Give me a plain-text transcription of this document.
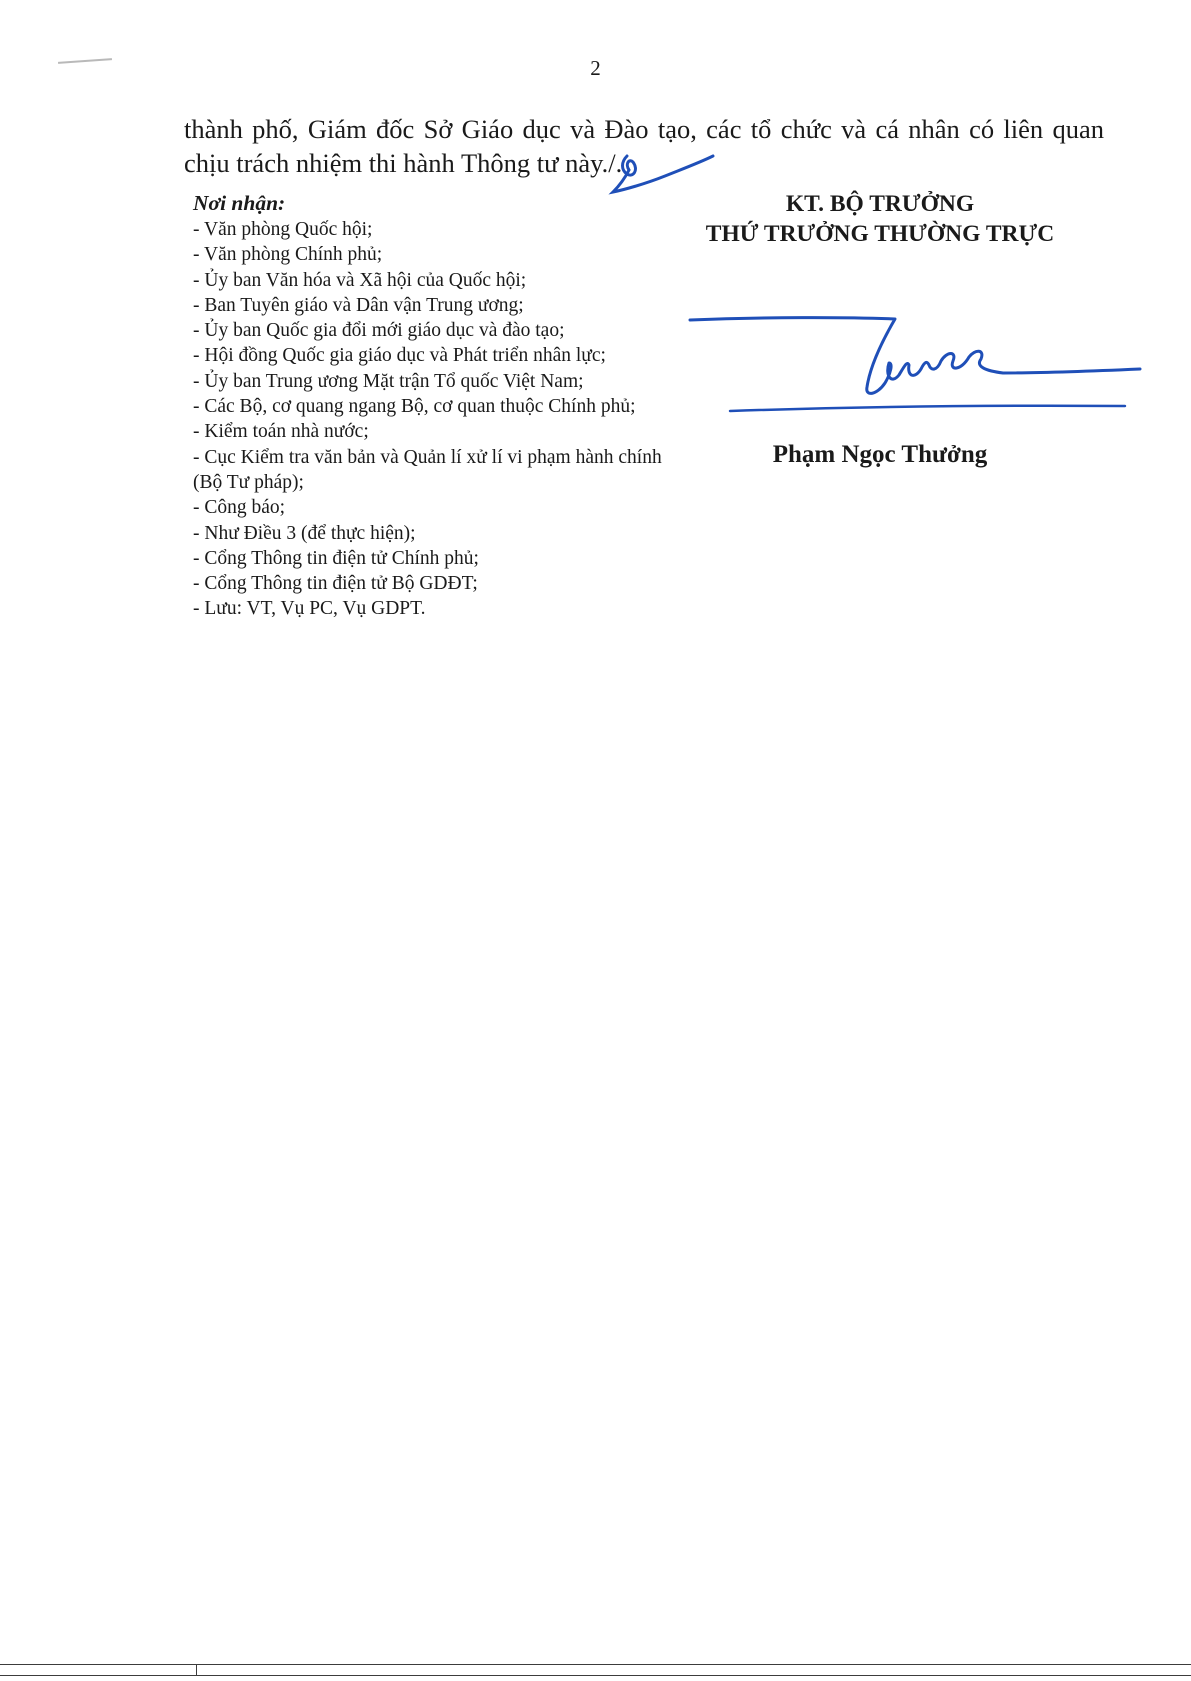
2
thành phố, Giám đốc Sở Giáo dục và Đào tạo, các tổ chức và cá nhân có liên quan chịu trách nhiệm thi hành Thông tư này./.
Nơi nhận:
- Văn phòng Quốc hội;
- Văn phòng Chính phủ;
- Ủy ban Văn hóa và Xã hội của Quốc hội;
- Ban Tuyên giáo và Dân vận Trung ương;
- Ủy ban Quốc gia đổi mới giáo dục và đào tạo;
- Hội đồng Quốc gia giáo dục và Phát triển nhân lực;
- Ủy ban Trung ương Mặt trận Tổ quốc Việt Nam;
- Các Bộ, cơ quang ngang Bộ, cơ quan thuộc Chính phủ;
- Kiểm toán nhà nước;
- Cục Kiểm tra văn bản và Quản lí xử lí vi phạm hành chính (Bộ Tư pháp);
- Công báo;
- Như Điều 3 (để thực hiện);
- Cổng Thông tin điện tử Chính phủ;
- Cổng Thông tin điện tử Bộ GDĐT;
- Lưu: VT, Vụ PC, Vụ GDPT.
KT. BỘ TRƯỞNG
THỨ TRƯỞNG THƯỜNG TRỰC
Phạm Ngọc Thưởng
